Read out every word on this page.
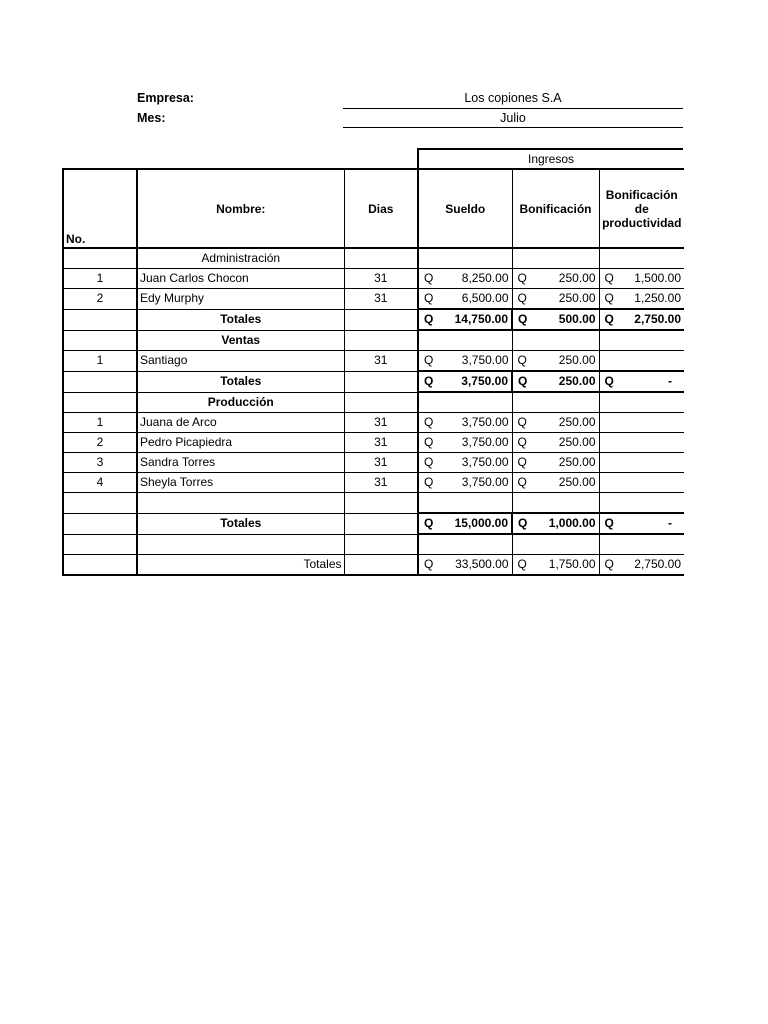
Empresa:	Los copiones S.A
Mes:	Julio
Ingresos
No.	Nombre:	Dias	Sueldo	Bonificación	Bonificación
de
productividad
	Administración				
1	Juan Carlos Chocon	31	Q 8,250.00	Q 250.00	Q 1,500.00

2	Edy Murphy	31	Q 6,500.00	Q 250.00	Q 1,250.00

	Totales		Q 14,750.00	Q 500.00	Q 2,750.00

	Ventas				
1	Santiago	31	Q 3,750.00	Q 250.00	

	Totales		Q 3,750.00	Q 250.00	Q -

	Producción				
1	Juana de Arco	31	Q 3,750.00	Q 250.00	

2	Pedro Picapiedra	31	Q 3,750.00	Q 250.00	

3	Sandra Torres	31	Q 3,750.00	Q 250.00	

4	Sheyla Torres	31	Q 3,750.00	Q 250.00	

	Totales		Q 15,000.00	Q 1,000.00	Q -

	Totales		Q 33,500.00	Q 1,750.00	Q 2,750.00
